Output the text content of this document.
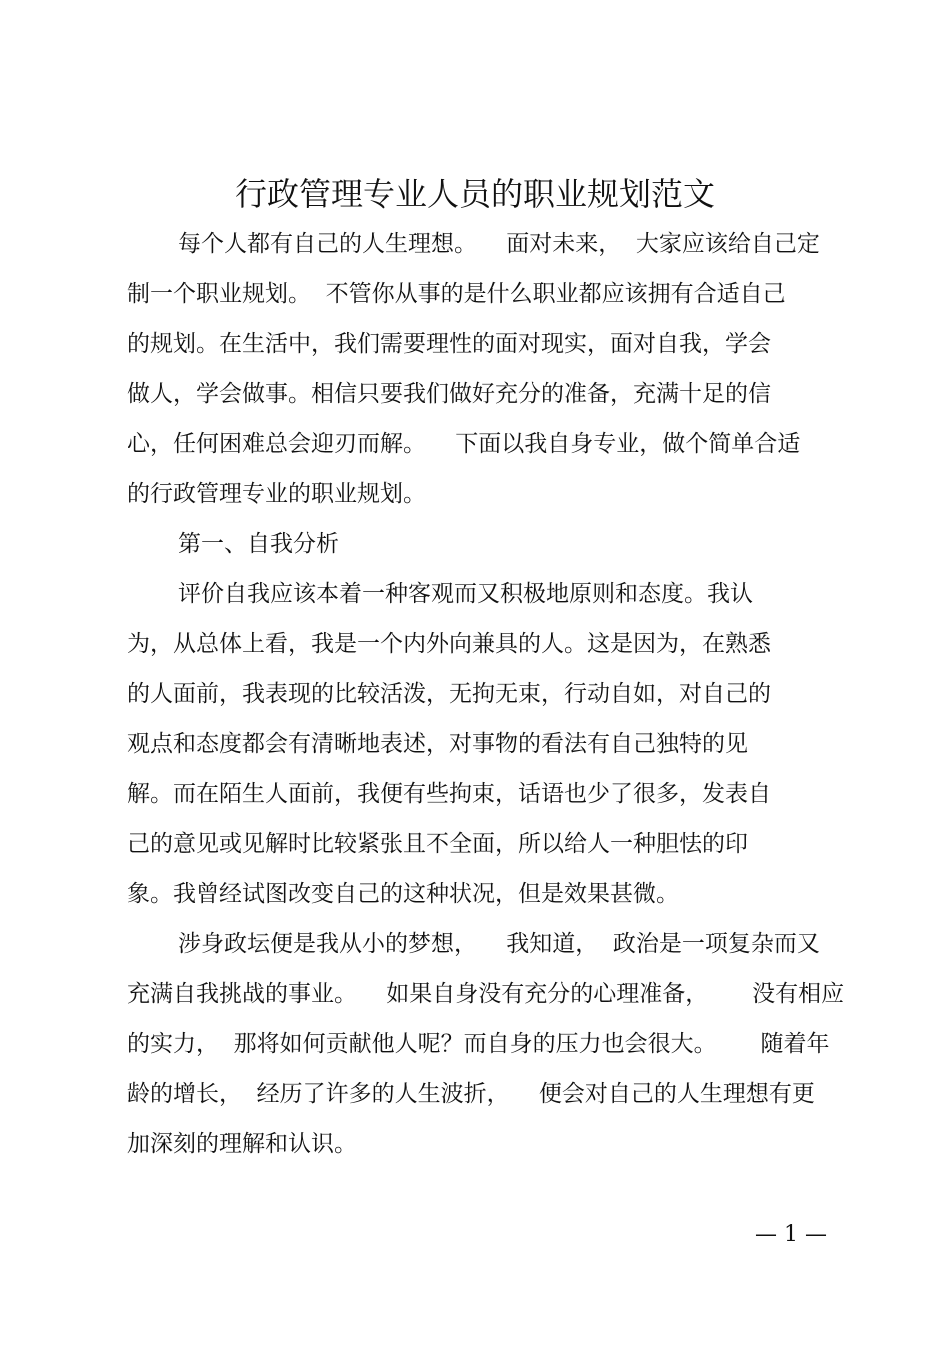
行政管理专业人员的职业规划范文
每个人都有自己的人生理想。    面对未来，  大家应该给自己定
制一个职业规划。  不管你从事的是什么职业都应该拥有合适自己
的规划。在生活中，我们需要理性的面对现实，面对自我，学会
做人，学会做事。相信只要我们做好充分的准备，充满十足的信
心，任何困难总会迎刃而解。    下面以我自身专业，做个简单合适
的行政管理专业的职业规划。
第一、自我分析
评价自我应该本着一种客观而又积极地原则和态度。我认
为，从总体上看，我是一个内外向兼具的人。这是因为，在熟悉
的人面前，我表现的比较活泼，无拘无束，行动自如，对自己的
观点和态度都会有清晰地表述，对事物的看法有自己独特的见
解。而在陌生人面前，我便有些拘束，话语也少了很多，发表自
己的意见或见解时比较紧张且不全面，所以给人一种胆怯的印
象。我曾经试图改变自己的这种状况，但是效果甚微。
涉身政坛便是我从小的梦想，    我知道，  政治是一项复杂而又
充满自我挑战的事业。    如果自身没有充分的心理准备，      没有相应
的实力，  那将如何贡献他人呢？而自身的压力也会很大。      随着年
龄的增长，  经历了许多的人生波折，    便会对自己的人生理想有更
加深刻的理解和认识。
— 1 —
